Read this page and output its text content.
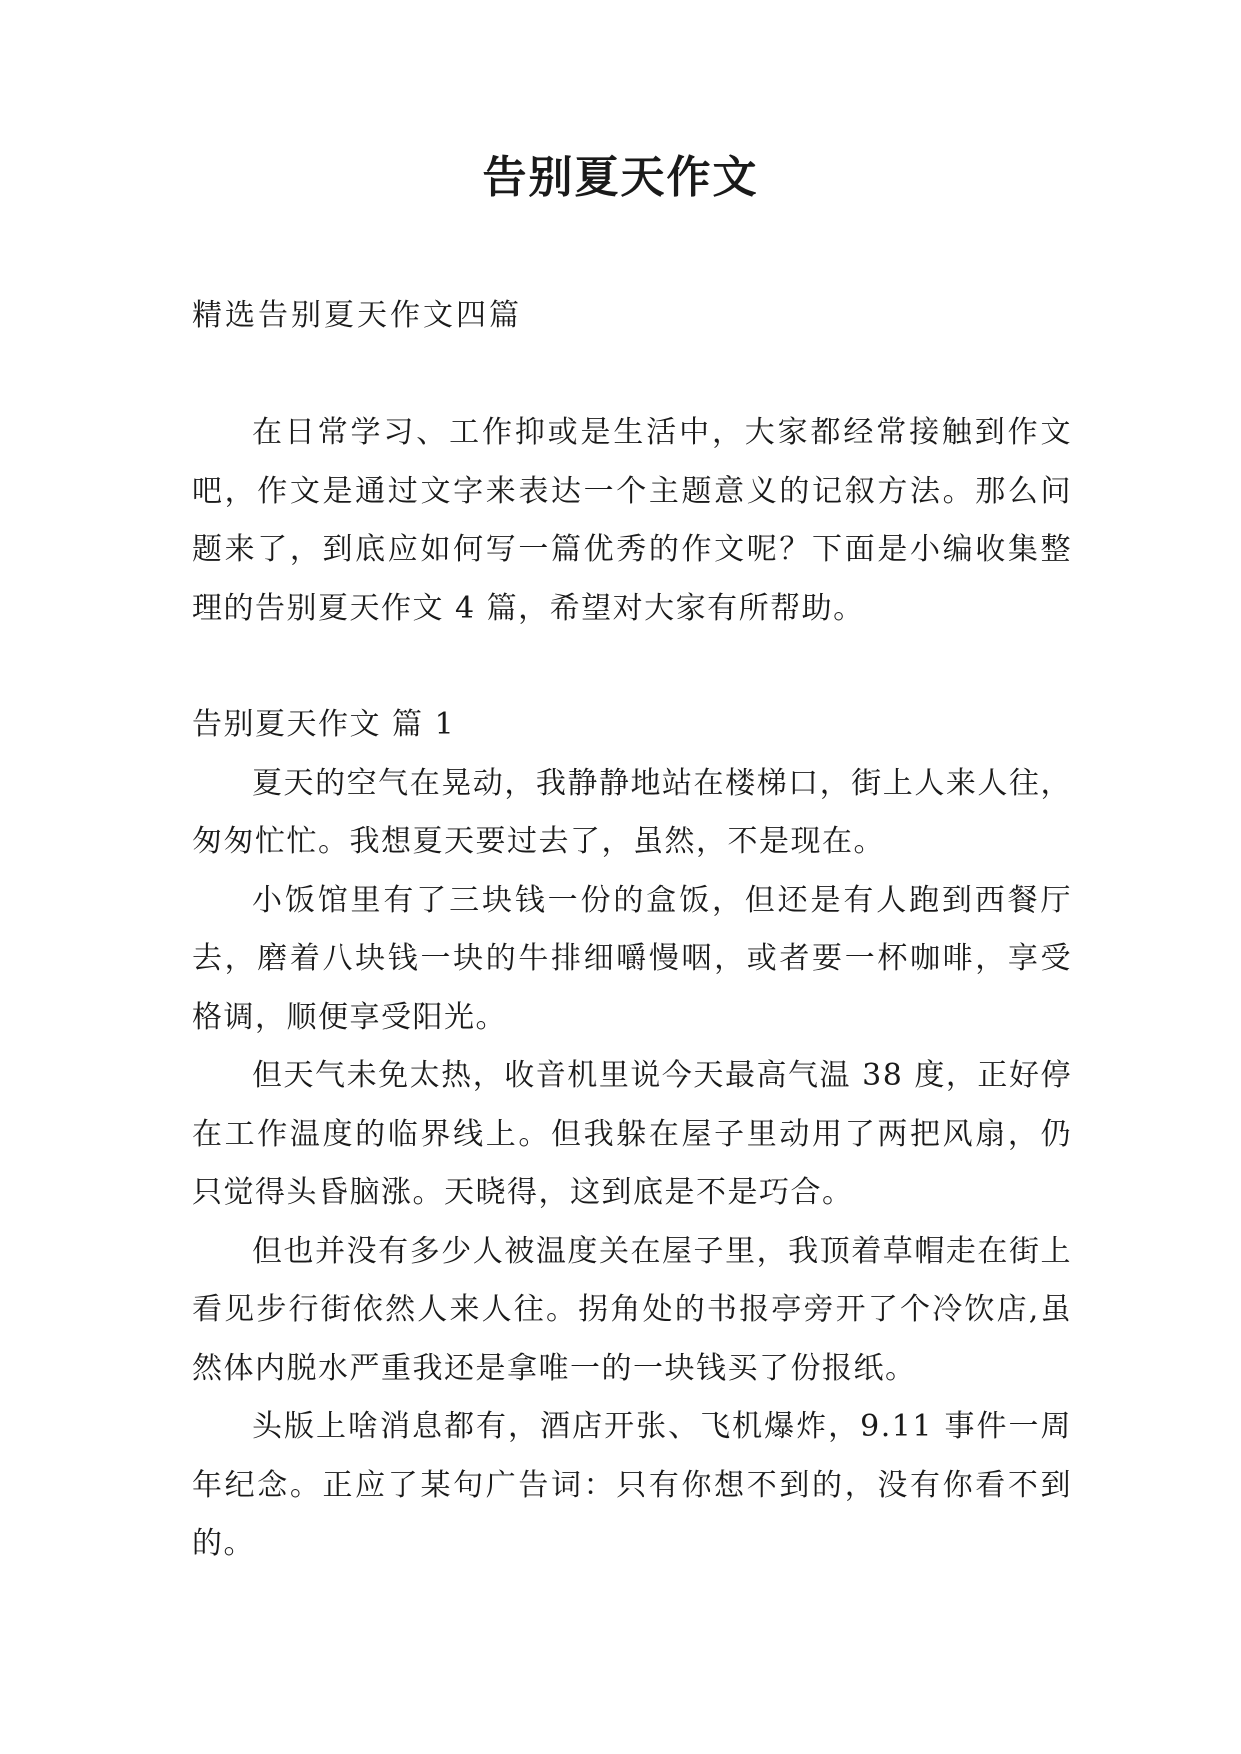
告别夏天作文
精选告别夏天作文四篇

在日常学习、工作抑或是生活中，大家都经常接触到作文吧，作文是通过文字来表达一个主题意义的记叙方法。那么问题来了，到底应如何写一篇优秀的作文呢？下面是小编收集整理的告别夏天作文 4 篇，希望对大家有所帮助。

告别夏天作文 篇 1

夏天的空气在晃动，我静静地站在楼梯口，街上人来人往，匆匆忙忙。我想夏天要过去了，虽然，不是现在。

小饭馆里有了三块钱一份的盒饭，但还是有人跑到西餐厅去，磨着八块钱一块的牛排细嚼慢咽，或者要一杯咖啡，享受格调，顺便享受阳光。

但天气未免太热，收音机里说今天最高气温 38 度，正好停在工作温度的临界线上。但我躲在屋子里动用了两把风扇，仍只觉得头昏脑涨。天晓得，这到底是不是巧合。

但也并没有多少人被温度关在屋子里，我顶着草帽走在街上看见步行街依然人来人往。拐角处的书报亭旁开了个冷饮店,虽然体内脱水严重我还是拿唯一的一块钱买了份报纸。

头版上啥消息都有，酒店开张、飞机爆炸，9.11 事件一周年纪念。正应了某句广告词：只有你想不到的，没有你看不到的。
